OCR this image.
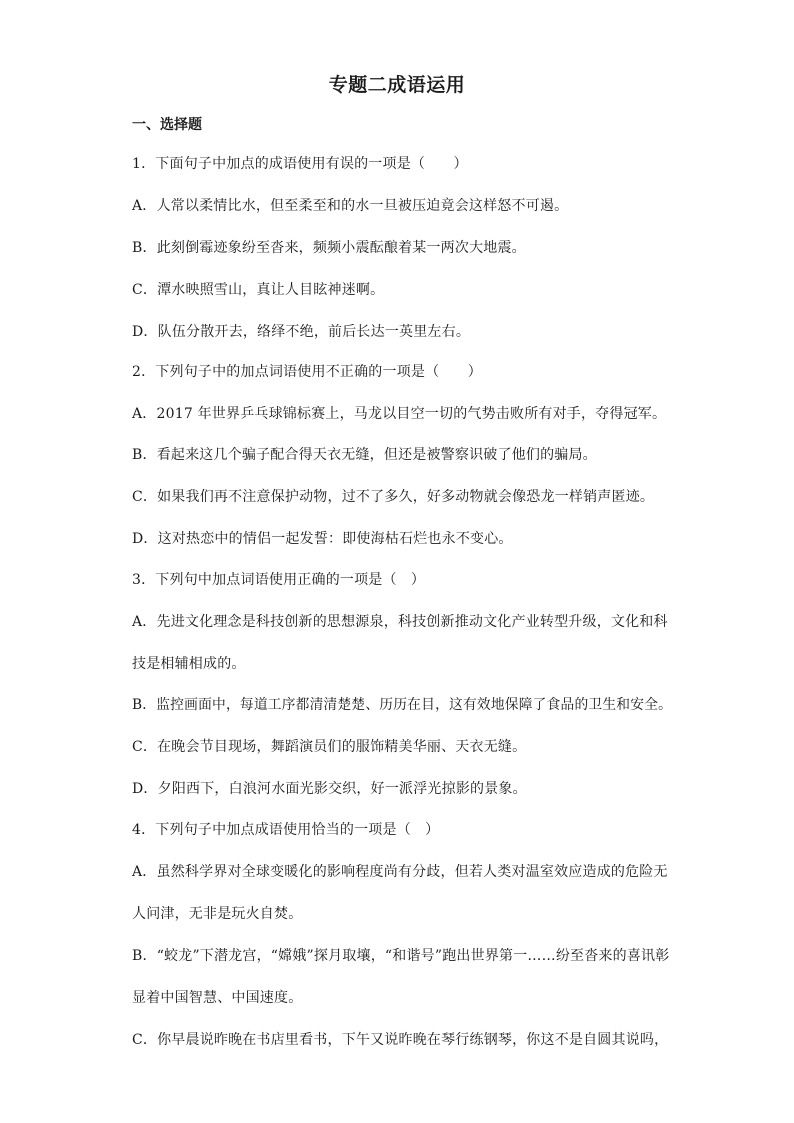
专题二成语运用
一、选择题
1．下面句子中加点的成语使用有误的一项是（　　）
A．人常以柔情比水，但至柔至和的水一旦被压迫竟会这样怒不可遏。
B．此刻倒霉迹象纷至沓来，频频小震酝酿着某一两次大地震。
C．潭水映照雪山，真让人目眩神迷啊。
D．队伍分散开去，络绎不绝，前后长达一英里左右。
2．下列句子中的加点词语使用不正确的一项是（　　）
A．2017 年世界乒乓球锦标赛上，马龙以目空一切的气势击败所有对手，夺得冠军。
B．看起来这几个骗子配合得天衣无缝，但还是被警察识破了他们的骗局。
C．如果我们再不注意保护动物，过不了多久，好多动物就会像恐龙一样销声匿迹。
D．这对热恋中的情侣一起发誓：即使海枯石烂也永不变心。
3．下列句中加点词语使用正确的一项是（　）
A．先进文化理念是科技创新的思想源泉，科技创新推动文化产业转型升级，文化和科
技是相辅相成的。
B．监控画面中，每道工序都清清楚楚、历历在目，这有效地保障了食品的卫生和安全。
C．在晚会节目现场，舞蹈演员们的服饰精美华丽、天衣无缝。
D．夕阳西下，白浪河水面光影交织，好一派浮光掠影的景象。
4．下列句子中加点成语使用恰当的一项是（　）
A．虽然科学界对全球变暖化的影响程度尚有分歧，但若人类对温室效应造成的危险无
人问津，无非是玩火自焚。
B．“蛟龙”下潜龙宫，“嫦娥”探月取壤，“和谐号”跑出世界第一……纷至沓来的喜讯彰
显着中国智慧、中国速度。
C．你早晨说昨晚在书店里看书，下午又说昨晚在琴行练钢琴，你这不是自圆其说吗，
